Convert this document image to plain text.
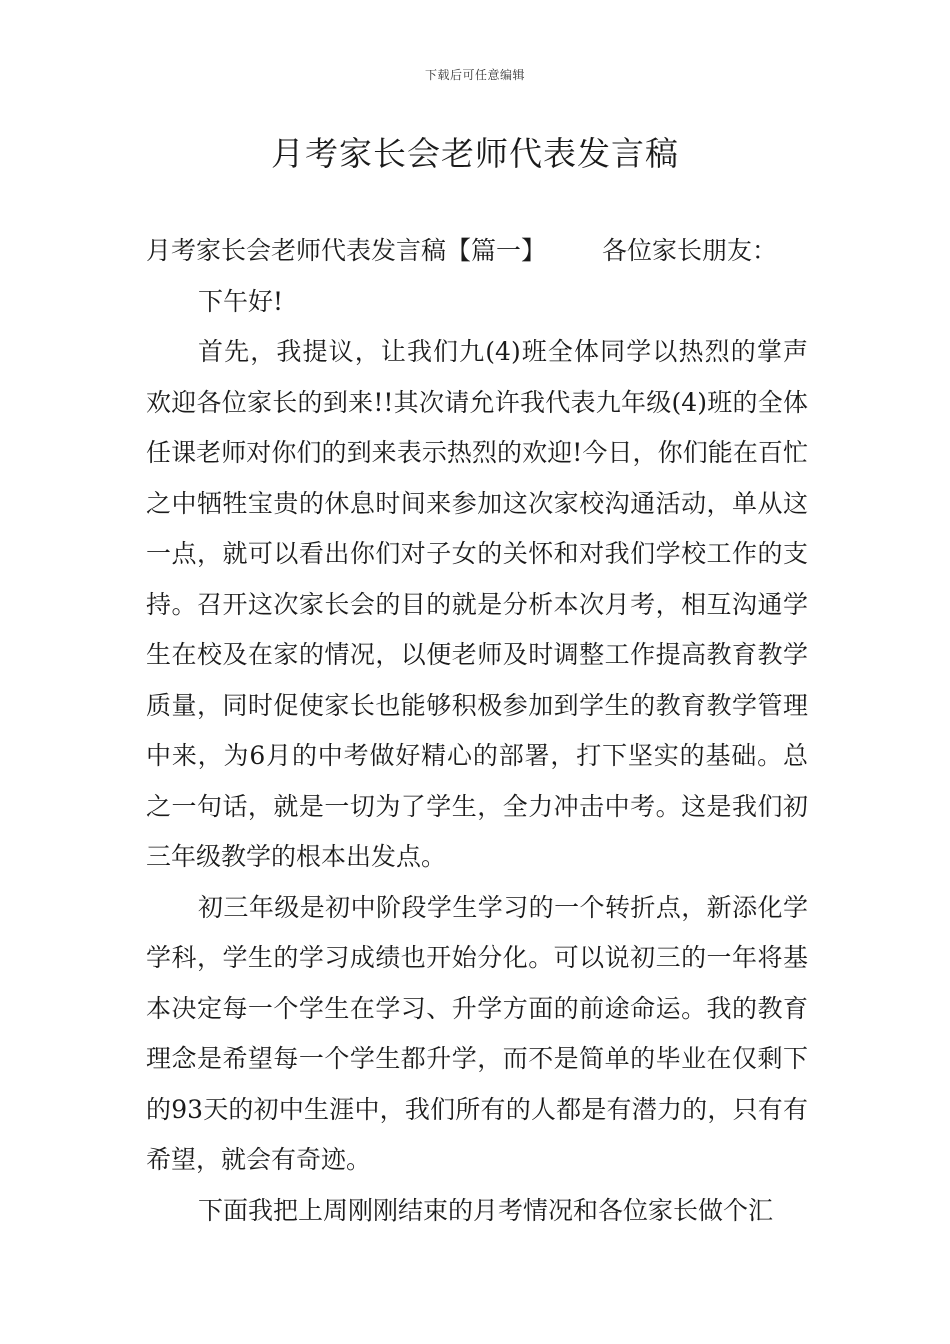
下载后可任意编辑
月考家长会老师代表发言稿

月考家长会老师代表发言稿【篇一】 各位家长朋友：

下午好!

首先，我提议，让我们九(4)班全体同学以热烈的掌声欢迎各位家长的到来!!其次请允许我代表九年级(4)班的全体任课老师对你们的到来表示热烈的欢迎!今日，你们能在百忙之中牺牲宝贵的休息时间来参加这次家校沟通活动，单从这一点，就可以看出你们对子女的关怀和对我们学校工作的支持。召开这次家长会的目的就是分析本次月考，相互沟通学生在校及在家的情况，以便老师及时调整工作提高教育教学质量，同时促使家长也能够积极参加到学生的教育教学管理中来，为6月的中考做好精心的部署，打下坚实的基础。总之一句话，就是一切为了学生，全力冲击中考。这是我们初三年级教学的根本出发点。

初三年级是初中阶段学生学习的一个转折点，新添化学学科，学生的学习成绩也开始分化。可以说初三的一年将基本决定每一个学生在学习、升学方面的前途命运。我的教育理念是希望每一个学生都升学，而不是简单的毕业在仅剩下的93天的初中生涯中，我们所有的人都是有潜力的，只有有希望，就会有奇迹。

下面我把上周刚刚结束的月考情况和各位家长做个汇
